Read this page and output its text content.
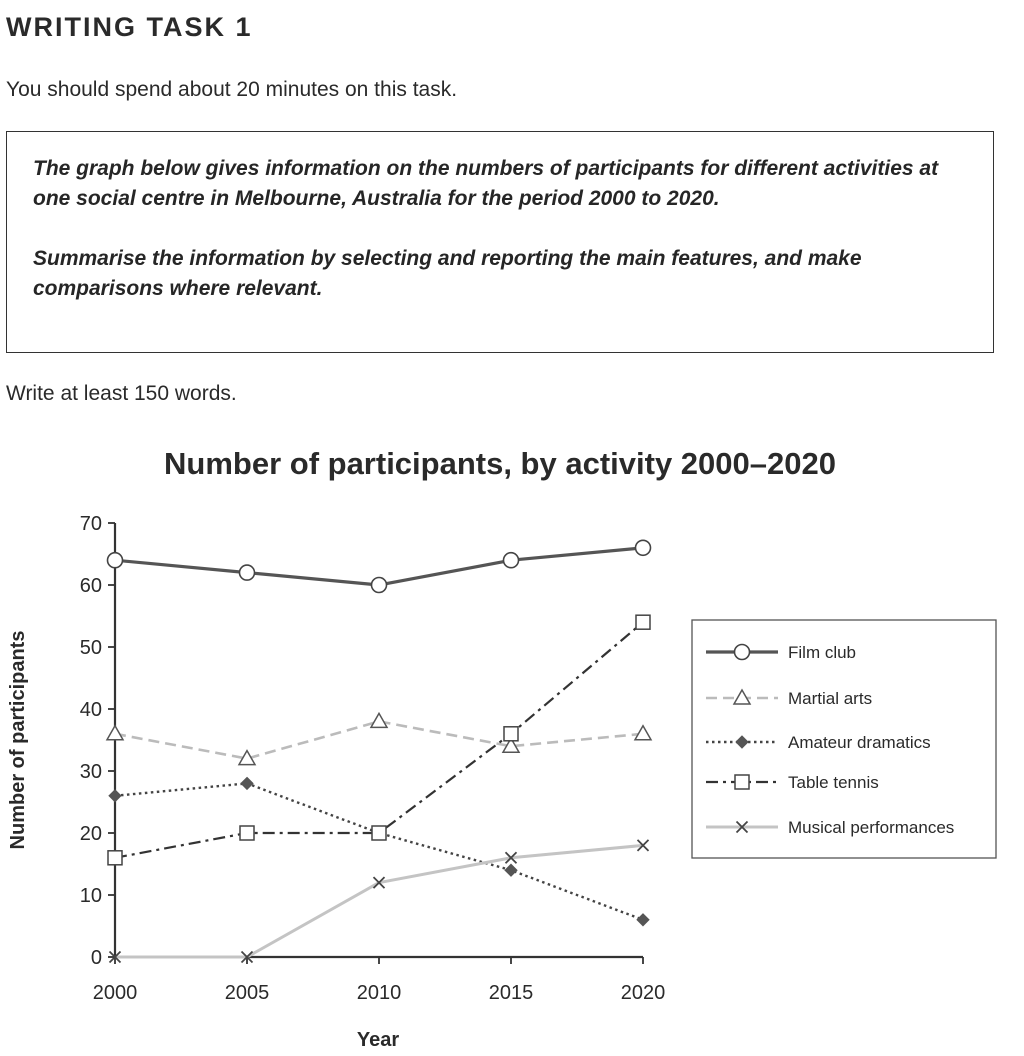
WRITING TASK 1
You should spend about 20 minutes on this task.

The graph below gives information on the numbers of participants for different activities at one social centre in Melbourne, Australia for the period 2000 to 2020.

Summarise the information by selecting and reporting the main features, and make comparisons where relevant.

Write at least 150 words.
Number of participants, by activity 2000–2020
Number of participants
Year
0
10
20
30
40
50
60
70
2000	2005	2010	2015	2020
Film club
Martial arts
Amateur dramatics
Table tennis
Musical performances
